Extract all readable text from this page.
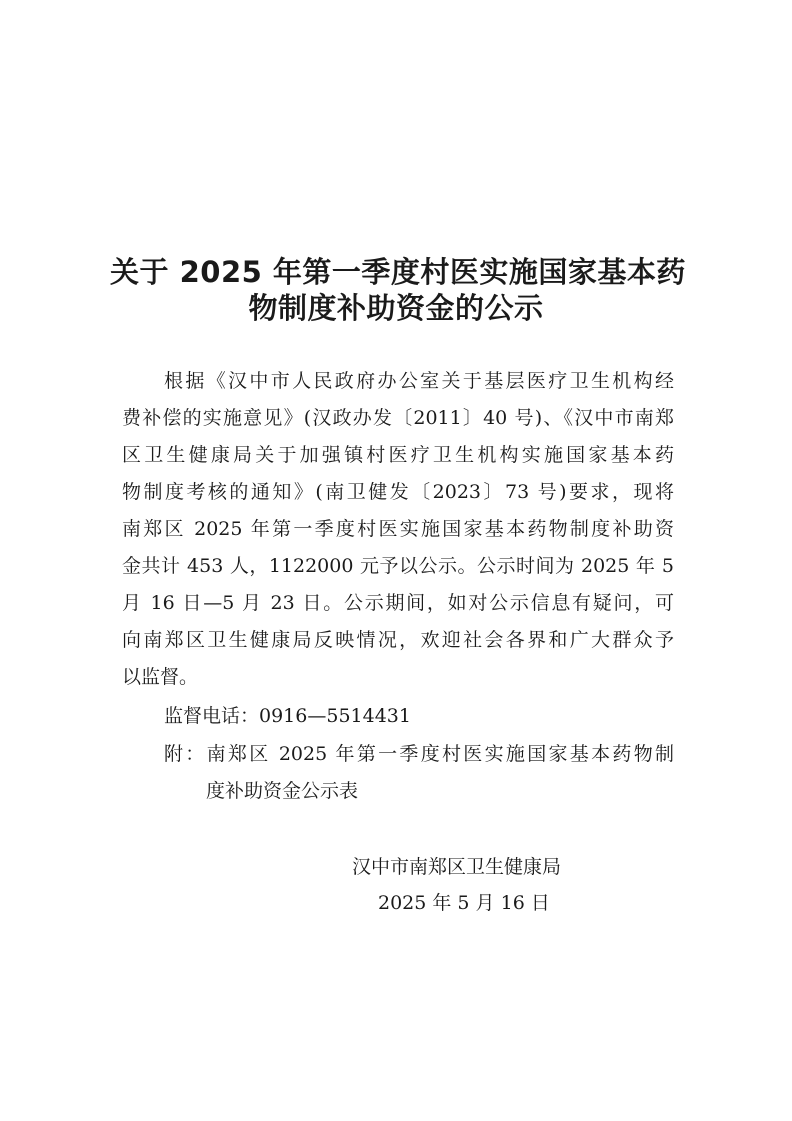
关于 2025 年第一季度村医实施国家基本药
物制度补助资金的公示

根据《汉中市人民政府办公室关于基层医疗卫生机构经

费补偿的实施意见》(汉政办发〔2011〕40 号)、《汉中市南郑

区卫生健康局关于加强镇村医疗卫生机构实施国家基本药

物制度考核的通知》(南卫健发〔2023〕73 号)要求，现将

南郑区 2025 年第一季度村医实施国家基本药物制度补助资

金共计 453 人，1122000 元予以公示。公示时间为 2025 年 5

月 16 日—5 月 23 日。公示期间，如对公示信息有疑问，可

向南郑区卫生健康局反映情况，欢迎社会各界和广大群众予

以监督。

监督电话：0916—5514431

附：南郑区 2025 年第一季度村医实施国家基本药物制

度补助资金公示表

汉中市南郑区卫生健康局

2025 年 5 月 16 日
